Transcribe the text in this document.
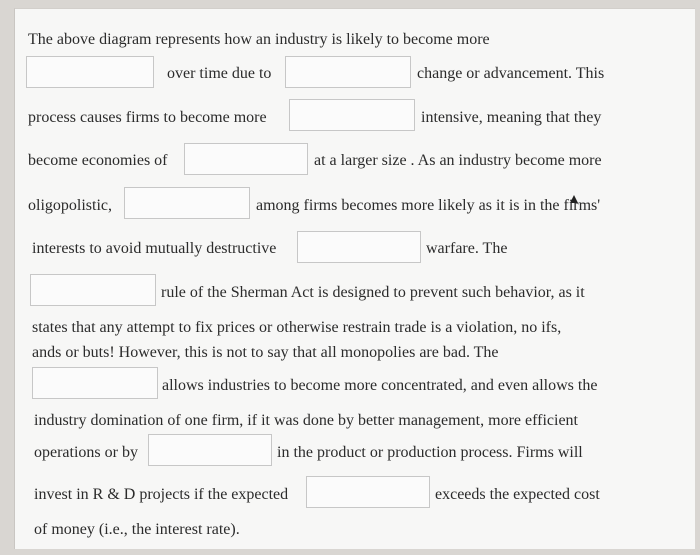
The above diagram represents how an industry is likely to become more
over time due to	change or advancement. This
process causes firms to become more	intensive, meaning that they
become economies of	at a larger size . As an industry become more
oligopolistic,	among firms becomes more likely as it is in the firms'
interests to avoid mutually destructive	warfare. The
rule of the Sherman Act is designed to prevent such behavior, as it
states that any attempt to fix prices or otherwise restrain trade is a violation, no ifs,
ands or buts! However, this is not to say that all monopolies are bad. The
allows industries to become more concentrated, and even allows the
industry domination of one firm, if it was done by better management, more efficient
operations or by	in the product or production process. Firms will
invest in R & D projects if the expected	exceeds the expected cost
of money (i.e., the interest rate).
